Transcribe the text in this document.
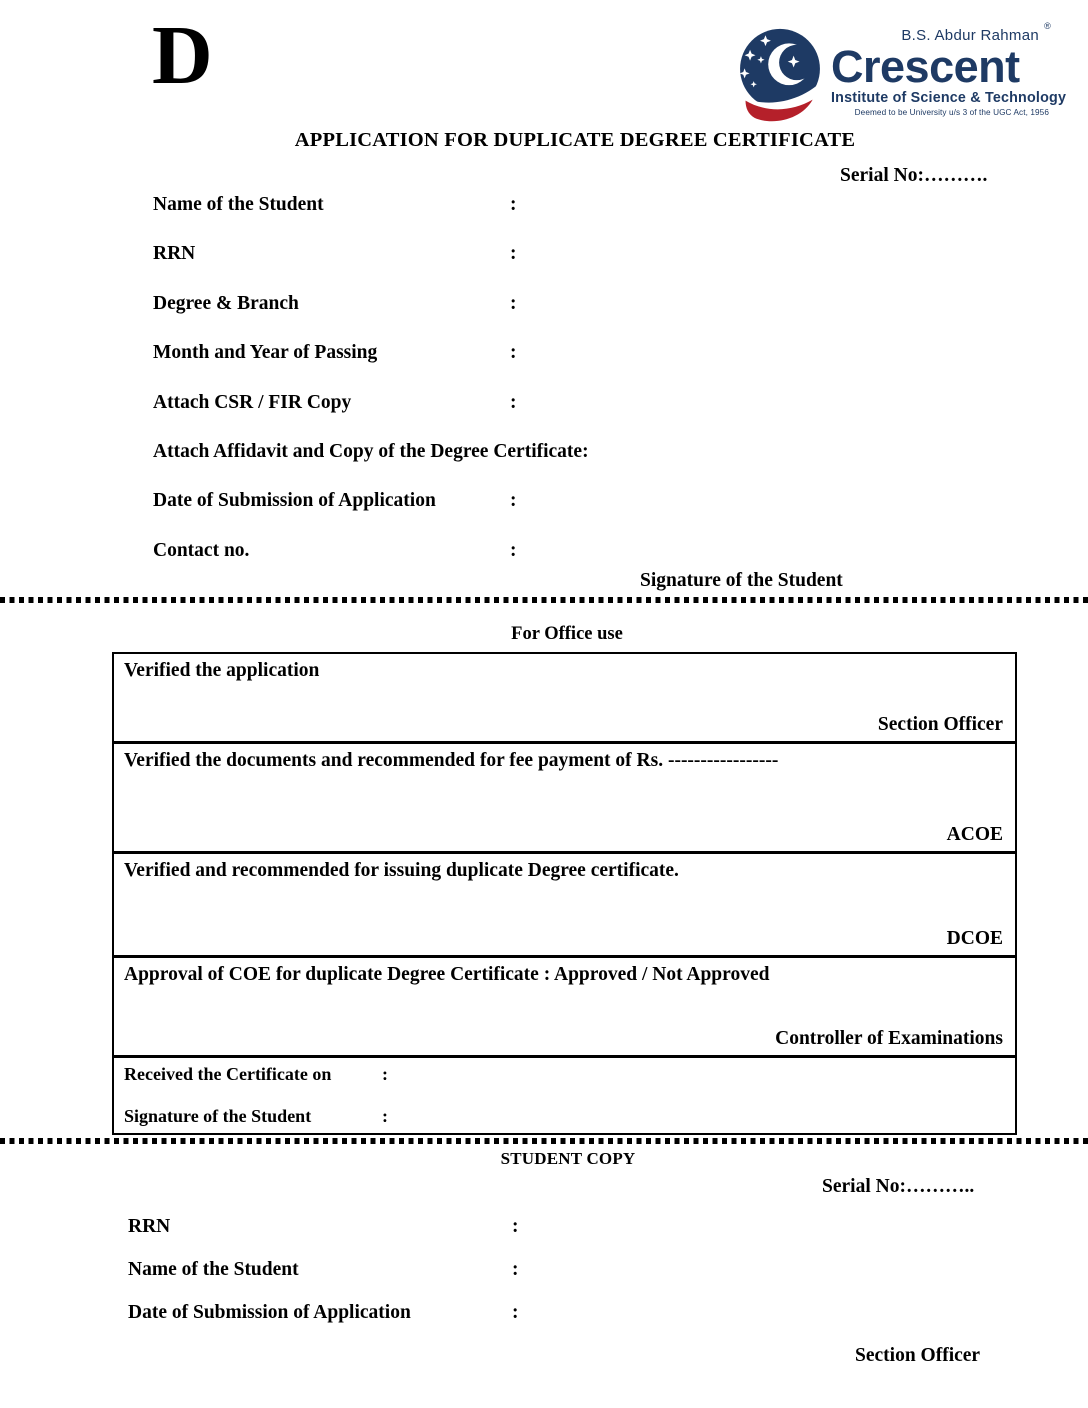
D	B.S. Abdur Rahman
®
Crescent
Institute of Science & Technology
Deemed to be University u/s 3 of the UGC Act, 1956
APPLICATION FOR DUPLICATE DEGREE CERTIFICATE
Serial No:……….
Name of the Student	:
RRN	:
Degree & Branch	:
Month and Year of Passing	:
Attach CSR / FIR Copy	:
Attach Affidavit and Copy of the Degree Certificate:
Date of Submission of Application	:
Contact no.	:
Signature of the Student
For Office use
Verified the application
Section Officer
Verified the documents and recommended for fee payment of Rs. -----------------
ACOE
Verified and recommended for issuing duplicate Degree certificate.
DCOE
Approval of COE for duplicate Degree Certificate : Approved / Not Approved
Controller of Examinations
Received the Certificate on	:
Signature of the Student	:
STUDENT COPY
Serial No:………..
RRN	:
Name of the Student	:
Date of Submission of Application	:
Section Officer
